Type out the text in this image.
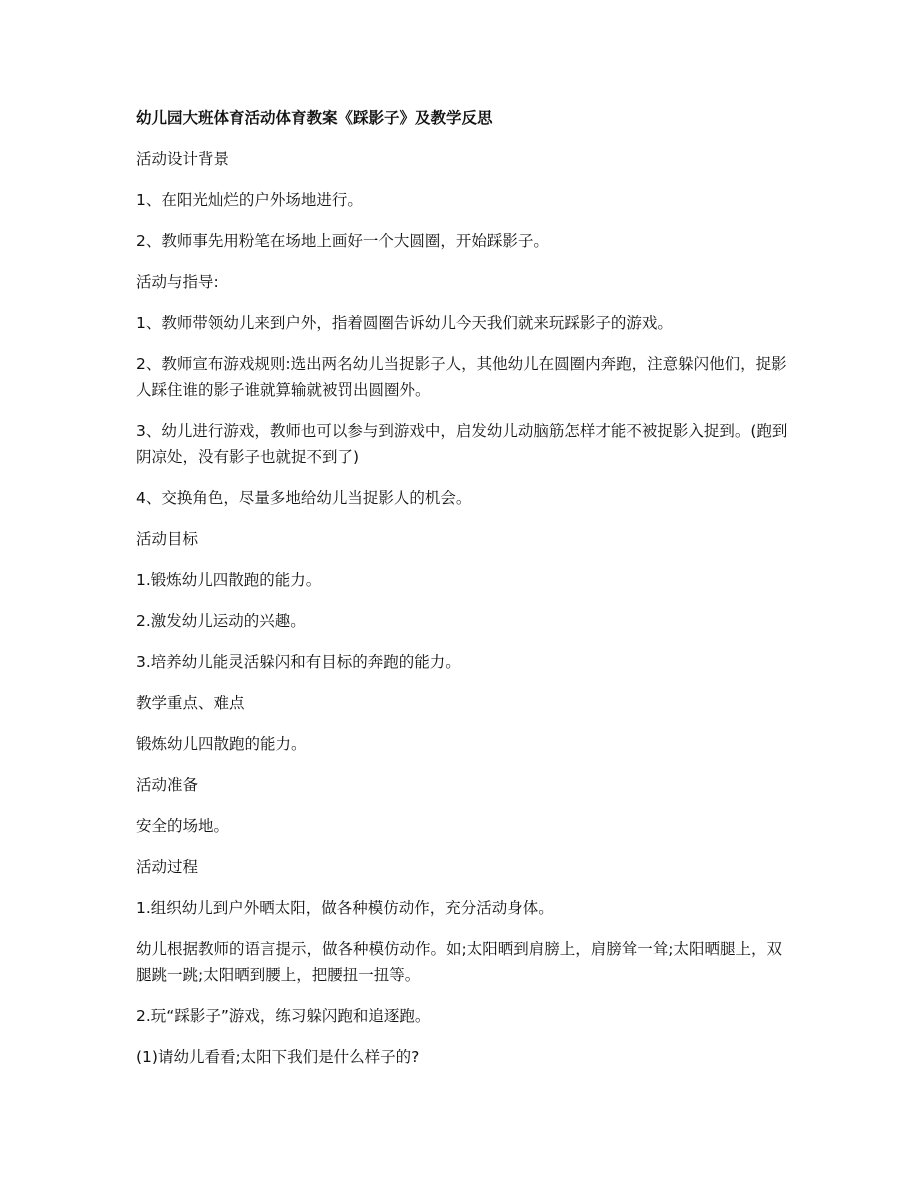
幼儿园大班体育活动体育教案《踩影子》及教学反思

活动设计背景

1、在阳光灿烂的户外场地进行。

2、教师事先用粉笔在场地上画好一个大圆圈，开始踩影子。

活动与指导:

1、教师带领幼儿来到户外，指着圆圈告诉幼儿今天我们就来玩踩影子的游戏。

2、教师宣布游戏规则:选出两名幼儿当捉影子人，其他幼儿在圆圈内奔跑，注意躲闪他们，捉影人踩住谁的影子谁就算输就被罚出圆圈外。

3、幼儿进行游戏，教师也可以参与到游戏中，启发幼儿动脑筋怎样才能不被捉影入捉到。(跑到阴凉处，没有影子也就捉不到了)

4、交换角色，尽量多地给幼儿当捉影人的机会。

活动目标

1.锻炼幼儿四散跑的能力。

2.激发幼儿运动的兴趣。

3.培养幼儿能灵活躲闪和有目标的奔跑的能力。

教学重点、难点

锻炼幼儿四散跑的能力。

活动准备

安全的场地。

活动过程

1.组织幼儿到户外晒太阳，做各种模仿动作，充分活动身体。

幼儿根据教师的语言提示，做各种模仿动作。如;太阳晒到肩膀上，肩膀耸一耸;太阳晒腿上，双腿跳一跳;太阳晒到腰上，把腰扭一扭等。

2.玩“踩影子”游戏，练习躲闪跑和追逐跑。

(1)请幼儿看看;太阳下我们是什么样子的?
